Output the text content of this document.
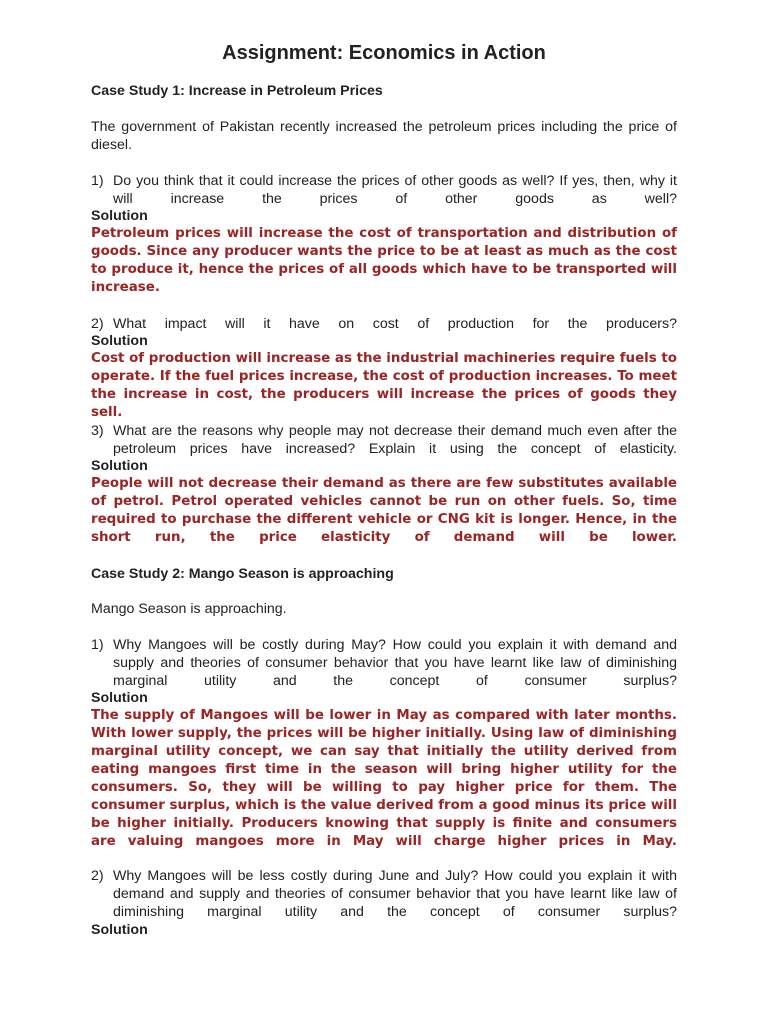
Assignment: Economics in Action
Case Study 1: Increase in Petroleum Prices
The government of Pakistan recently increased the petroleum prices including the price of diesel.
1) Do you think that it could increase the prices of other goods as well? If yes, then, why it will increase the prices of other goods as well?
Solution
Petroleum prices will increase the cost of transportation and distribution of goods. Since any producer wants the price to be at least as much as the cost to produce it, hence the prices of all goods which have to be transported will increase.
2) What impact will it have on cost of production for the producers?
Solution
Cost of production will increase as the industrial machineries require fuels to operate. If the fuel prices increase, the cost of production increases. To meet the increase in cost, the producers will increase the prices of goods they sell.
3) What are the reasons why people may not decrease their demand much even after the petroleum prices have increased? Explain it using the concept of elasticity.
Solution
People will not decrease their demand as there are few substitutes available of petrol. Petrol operated vehicles cannot be run on other fuels. So, time required to purchase the different vehicle or CNG kit is longer. Hence, in the short run, the price elasticity of demand will be lower.
Case Study 2: Mango Season is approaching
Mango Season is approaching.
1) Why Mangoes will be costly during May? How could you explain it with demand and supply and theories of consumer behavior that you have learnt like law of diminishing marginal utility and the concept of consumer surplus?
Solution
The supply of Mangoes will be lower in May as compared with later months. With lower supply, the prices will be higher initially. Using law of diminishing marginal utility concept, we can say that initially the utility derived from eating mangoes first time in the season will bring higher utility for the consumers. So, they will be willing to pay higher price for them. The consumer surplus, which is the value derived from a good minus its price will be higher initially. Producers knowing that supply is finite and consumers are valuing mangoes more in May will charge higher prices in May.
2) Why Mangoes will be less costly during June and July? How could you explain it with demand and supply and theories of consumer behavior that you have learnt like law of diminishing marginal utility and the concept of consumer surplus?
Solution
